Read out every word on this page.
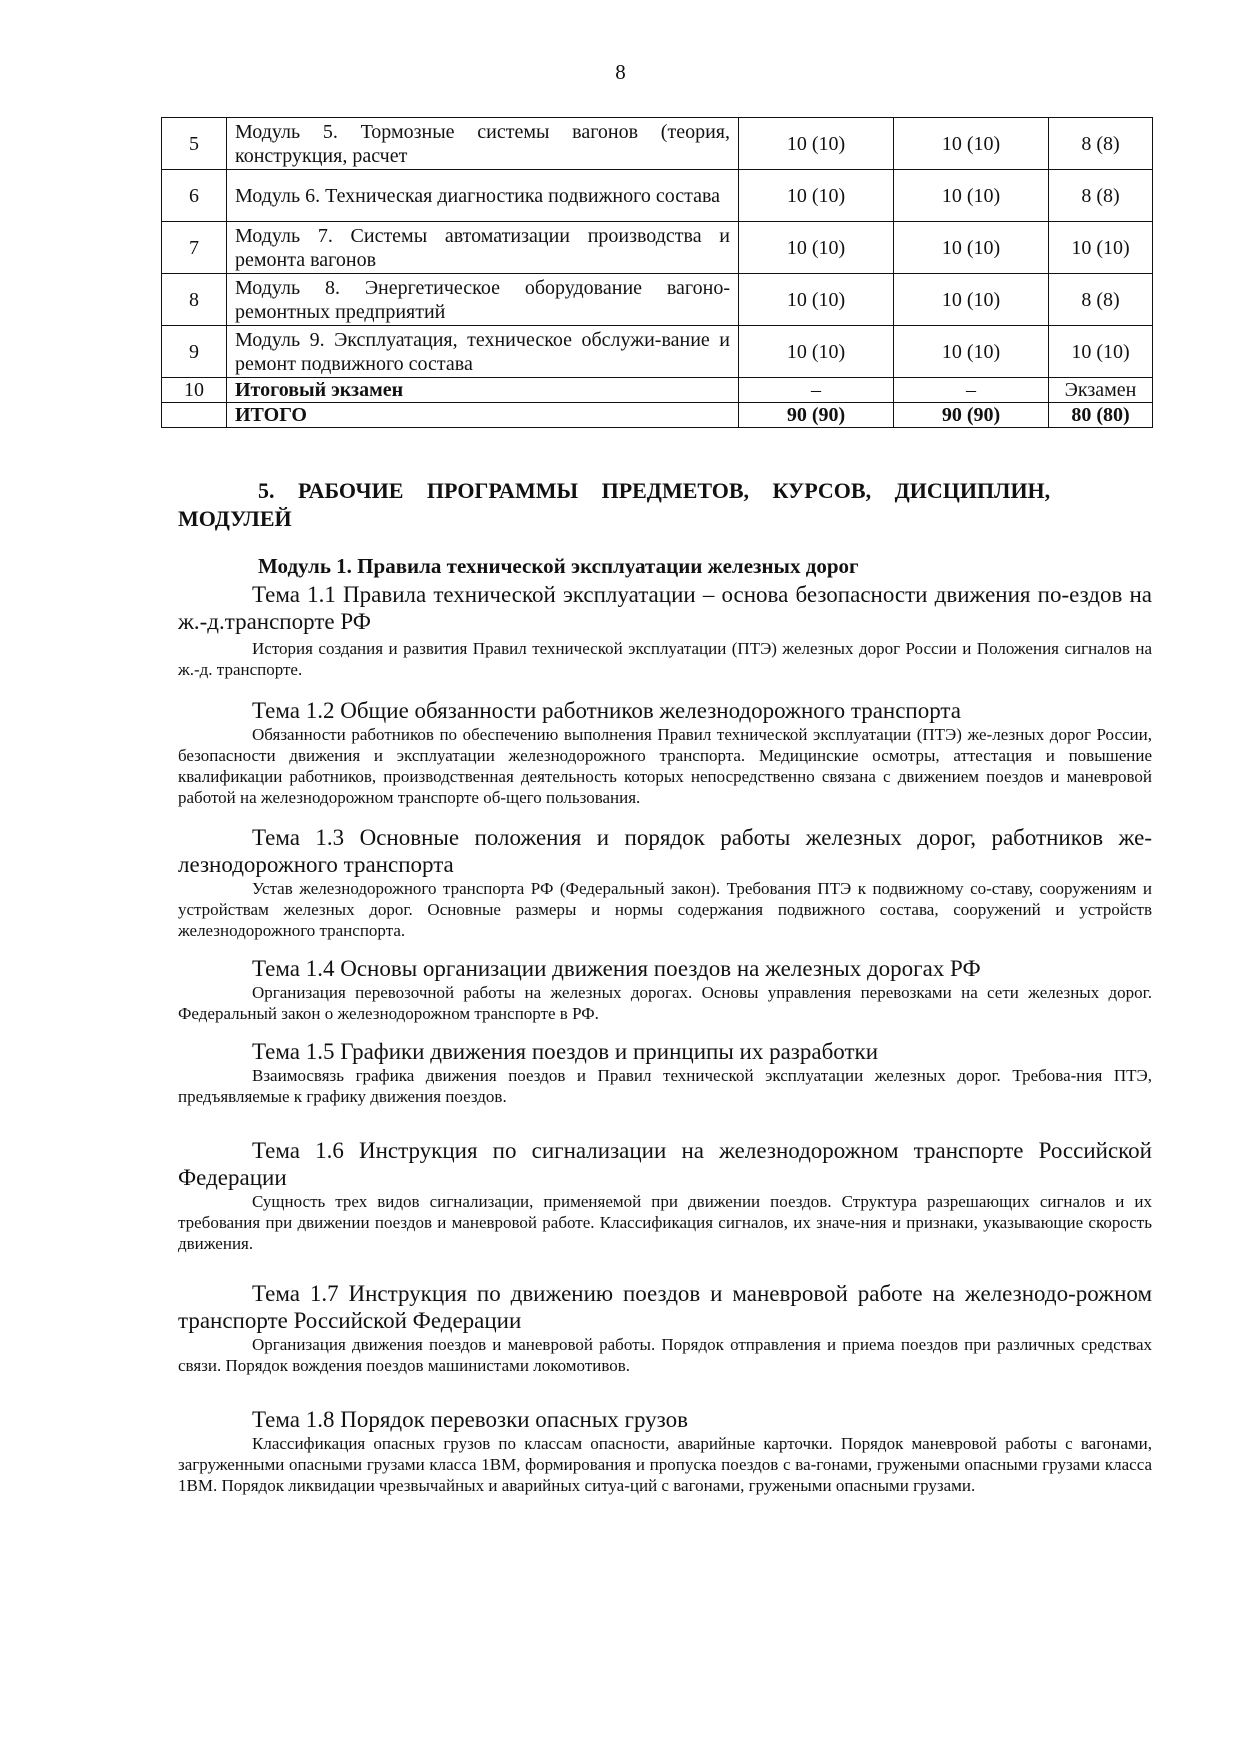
8
5	Модуль 5. Тормозные системы вагонов (теория, конструкция, расчет	10 (10)	10 (10)	8 (8)
6	Модуль 6. Техническая диагностика подвижного состава	10 (10)	10 (10)	8 (8)
7	Модуль 7. Системы автоматизации производства и ремонта вагонов	10 (10)	10 (10)	10 (10)
8	Модуль 8. Энергетическое оборудование вагоно-ремонтных предприятий	10 (10)	10 (10)	8 (8)
9	Модуль 9. Эксплуатация, техническое обслужи-вание и ремонт подвижного состава	10 (10)	10 (10)	10 (10)
10	Итоговый экзамен	–	–	Экзамен
	ИТОГО	90 (90)	90 (90)	80 (80)
5. РАБОЧИЕ ПРОГРАММЫ ПРЕДМЕТОВ, КУРСОВ, ДИСЦИПЛИН,
МОДУЛЕЙ

Модуль 1. Правила технической эксплуатации железных дорог

Тема 1.1 Правила технической эксплуатации – основа безопасности движения по-ездов на ж.-д.транспорте РФ

История создания и развития Правил технической эксплуатации (ПТЭ) железных дорог России и Положения сигналов на ж.-д. транспорте.

Тема 1.2 Общие обязанности работников железнодорожного транспорта

Обязанности работников по обеспечению выполнения Правил технической эксплуатации (ПТЭ) же-лезных дорог России, безопасности движения и эксплуатации железнодорожного транспорта. Медицинские осмотры, аттестация и повышение квалификации работников, производственная деятельность которых непосредственно связана с движением поездов и маневровой работой на железнодорожном транспорте об-щего пользования.

Тема 1.3 Основные положения и порядок работы железных дорог, работников же-лезнодорожного транспорта

Устав железнодорожного транспорта РФ (Федеральный закон). Требования ПТЭ к подвижному со-ставу, сооружениям и устройствам железных дорог. Основные размеры и нормы содержания подвижного состава, сооружений и устройств железнодорожного транспорта.

Тема 1.4 Основы организации движения поездов на железных дорогах РФ

Организация перевозочной работы на железных дорогах. Основы управления перевозками на сети железных дорог. Федеральный закон о железнодорожном транспорте в РФ.

Тема 1.5 Графики движения поездов и принципы их разработки

Взаимосвязь графика движения поездов и Правил технической эксплуатации железных дорог. Требова-ния ПТЭ, предъявляемые к графику движения поездов.

Тема 1.6 Инструкция по сигнализации на железнодорожном транспорте Российской Федерации

Сущность трех видов сигнализации, применяемой при движении поездов. Структура разрешающих сигналов и их требования при движении поездов и маневровой работе. Классификация сигналов, их значе-ния и признаки, указывающие скорость движения.

Тема 1.7 Инструкция по движению поездов и маневровой работе на железнодо-рожном транспорте Российской Федерации

Организация движения поездов и маневровой работы. Порядок отправления и приема поездов при различных средствах связи. Порядок вождения поездов машинистами локомотивов.

Тема 1.8 Порядок перевозки опасных грузов

Классификация опасных грузов по классам опасности, аварийные карточки. Порядок маневровой работы с вагонами, загруженными опасными грузами класса 1ВМ, формирования и пропуска поездов с ва-гонами, гружеными опасными грузами класса 1ВМ. Порядок ликвидации чрезвычайных и аварийных ситуа-ций с вагонами, гружеными опасными грузами.
